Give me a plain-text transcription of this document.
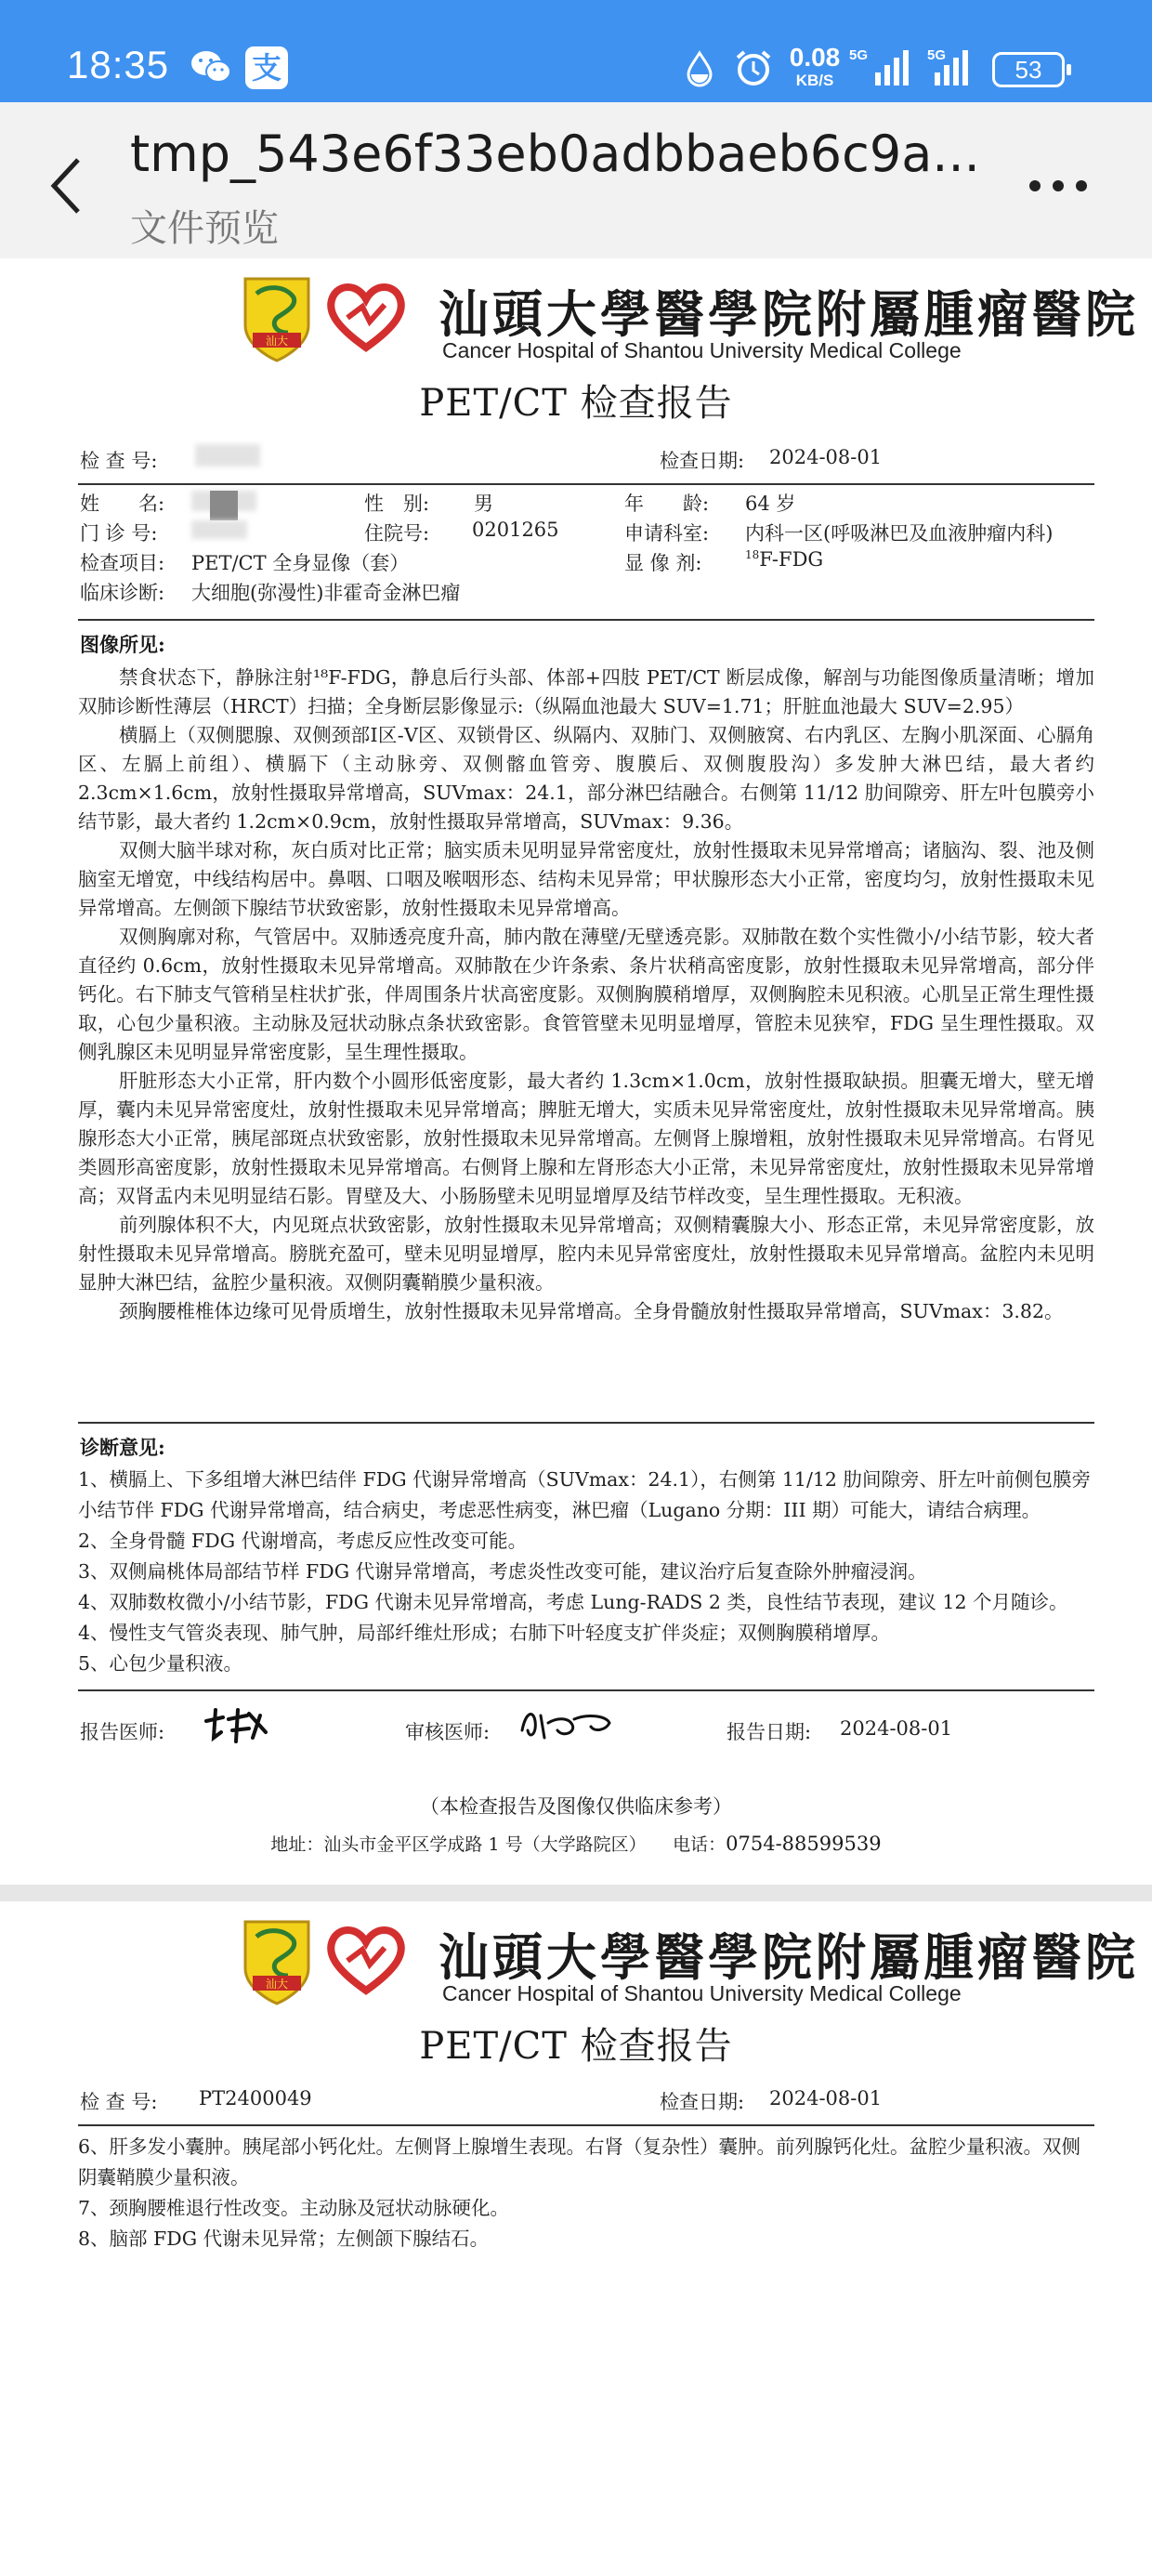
18:35	支	0.08
KB/S
5G	5G
53
tmp_543e6f33eb0adbbaeb6c9a...
文件预览
汕大	汕頭大學醫學院附屬腫瘤醫院
Cancer Hospital of Shantou University Medical College
PET/CT 检查报告
检 查 号:	检查日期: 2024-08-01
姓　　名:	性　别: 男	年　　龄: 64 岁
门 诊 号:	住院号: 0201265	申请科室: 内科一区(呼吸淋巴及血液肿瘤内科)
检查项目: PET/CT 全身显像（套）	显 像 剂:	$^{18}$F-FDG
临床诊断: 大细胞(弥漫性)非霍奇金淋巴瘤
图像所见:

禁食状态下，静脉注射¹⁸F-FDG，静息后行头部、体部+四肢 PET/CT 断层成像，解剖与功能图像质量清晰；增加双肺诊断性薄层（HRCT）扫描；全身断层影像显示:（纵隔血池最大 SUV=1.71；肝脏血池最大 SUV=2.95）

横膈上（双侧腮腺、双侧颈部Ⅰ区-Ⅴ区、双锁骨区、纵隔内、双肺门、双侧腋窝、右内乳区、左胸小肌深面、心膈角区、左膈上前组）、横膈下（主动脉旁、双侧髂血管旁、腹膜后、双侧腹股沟）多发肿大淋巴结，最大者约2.3cm×1.6cm，放射性摄取异常增高，SUVmax：24.1，部分淋巴结融合。右侧第 11/12 肋间隙旁、肝左叶包膜旁小结节影，最大者约 1.2cm×0.9cm，放射性摄取异常增高，SUVmax：9.36。

双侧大脑半球对称，灰白质对比正常；脑实质未见明显异常密度灶，放射性摄取未见异常增高；诸脑沟、裂、池及侧脑室无增宽，中线结构居中。鼻咽、口咽及喉咽形态、结构未见异常；甲状腺形态大小正常，密度均匀，放射性摄取未见异常增高。左侧颌下腺结节状致密影，放射性摄取未见异常增高。

双侧胸廓对称，气管居中。双肺透亮度升高，肺内散在薄壁/无壁透亮影。双肺散在数个实性微小/小结节影，较大者直径约 0.6cm，放射性摄取未见异常增高。双肺散在少许条索、条片状稍高密度影，放射性摄取未见异常增高，部分伴钙化。右下肺支气管稍呈柱状扩张，伴周围条片状高密度影。双侧胸膜稍增厚，双侧胸腔未见积液。心肌呈正常生理性摄取，心包少量积液。主动脉及冠状动脉点条状致密影。食管管壁未见明显增厚，管腔未见狭窄，FDG 呈生理性摄取。双侧乳腺区未见明显异常密度影，呈生理性摄取。

肝脏形态大小正常，肝内数个小圆形低密度影，最大者约 1.3cm×1.0cm，放射性摄取缺损。胆囊无增大，壁无增厚，囊内未见异常密度灶，放射性摄取未见异常增高；脾脏无增大，实质未见异常密度灶，放射性摄取未见异常增高。胰腺形态大小正常，胰尾部斑点状致密影，放射性摄取未见异常增高。左侧肾上腺增粗，放射性摄取未见异常增高。右肾见类圆形高密度影，放射性摄取未见异常增高。右侧肾上腺和左肾形态大小正常，未见异常密度灶，放射性摄取未见异常增高；双肾盂内未见明显结石影。胃壁及大、小肠肠壁未见明显增厚及结节样改变，呈生理性摄取。无积液。

前列腺体积不大，内见斑点状致密影，放射性摄取未见异常增高；双侧精囊腺大小、形态正常，未见异常密度影，放射性摄取未见异常增高。膀胱充盈可，壁未见明显增厚，腔内未见异常密度灶，放射性摄取未见异常增高。盆腔内未见明显肿大淋巴结，盆腔少量积液。双侧阴囊鞘膜少量积液。

颈胸腰椎椎体边缘可见骨质增生，放射性摄取未见异常增高。全身骨髓放射性摄取异常增高，SUVmax：3.82。

诊断意见:

1、横膈上、下多组增大淋巴结伴 FDG 代谢异常增高（SUVmax：24.1），右侧第 11/12 肋间隙旁、肝左叶前侧包膜旁小结节伴 FDG 代谢异常增高，结合病史，考虑恶性病变，淋巴瘤（Lugano 分期：III 期）可能大，请结合病理。

2、全身骨髓 FDG 代谢增高，考虑反应性改变可能。

3、双侧扁桃体局部结节样 FDG 代谢异常增高，考虑炎性改变可能，建议治疗后复查除外肿瘤浸润。

4、双肺数枚微小/小结节影，FDG 代谢未见异常增高，考虑 Lung-RADS 2 类，良性结节表现，建议 12 个月随诊。

4、慢性支气管炎表现、肺气肿，局部纤维灶形成；右肺下叶轻度支扩伴炎症；双侧胸膜稍增厚。

5、心包少量积液。

报告医师:	审核医师:	报告日期: 2024-08-01
（本检查报告及图像仅供临床参考）
地址：汕头市金平区学成路 1 号（大学路院区）　　 电话：0754-88599539
汕大	汕頭大學醫學院附屬腫瘤醫院
Cancer Hospital of Shantou University Medical College
PET/CT 检查报告
检 查 号: PT2400049	检查日期: 2024-08-01

6、肝多发小囊肿。胰尾部小钙化灶。左侧肾上腺增生表现。右肾（复杂性）囊肿。前列腺钙化灶。盆腔少量积液。双侧阴囊鞘膜少量积液。

7、颈胸腰椎退行性改变。主动脉及冠状动脉硬化。

8、脑部 FDG 代谢未见异常；左侧颌下腺结石。
